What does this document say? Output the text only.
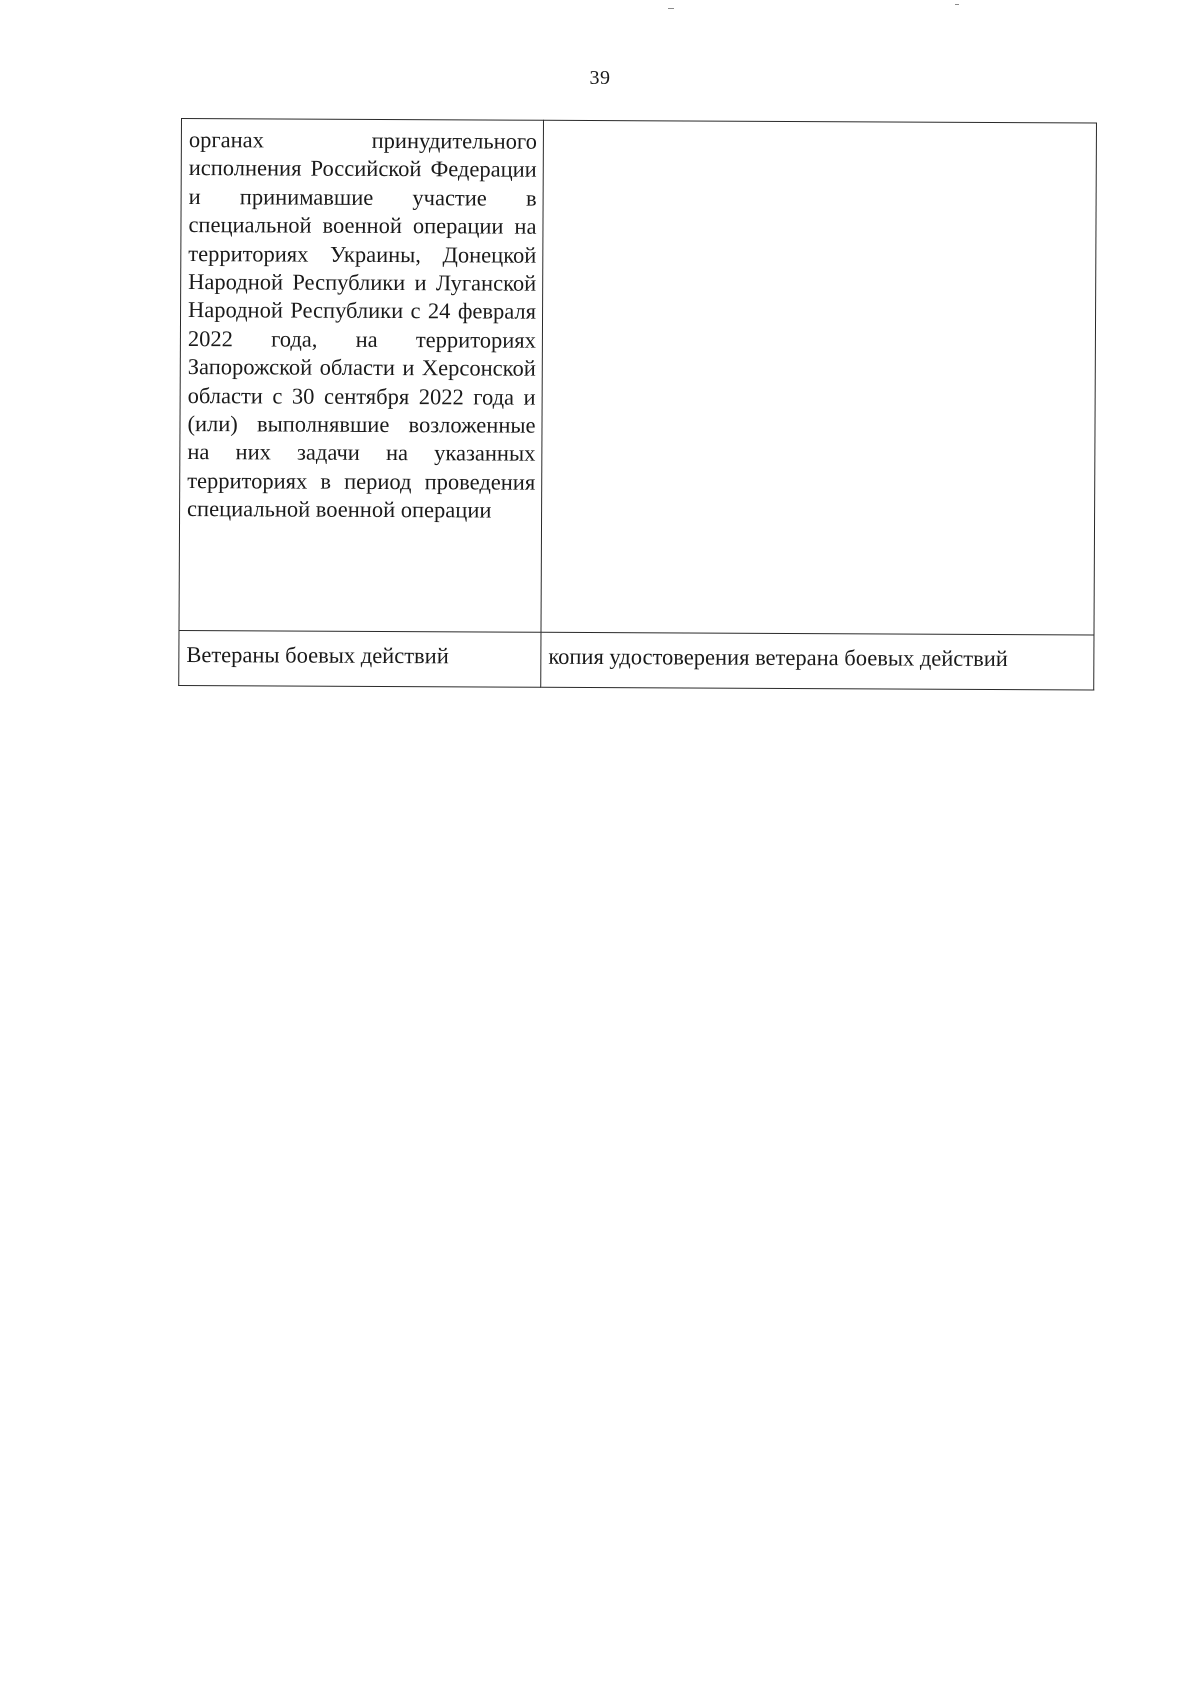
39
органах принудительного исполнения Российской Федерации и принимавшие участие в специальной военной операции на территориях Украины, Донецкой Народной Республики и Луганской Народной Республики с 24 февраля 2022 года, на территориях Запорожской области и Херсонской области с 30 сентября 2022 года и (или) выполнявшие возложенные на них задачи на указанных территориях в период проведения специальной военной операции	
Ветераны боевых действий	копия удостоверения ветерана боевых действий
